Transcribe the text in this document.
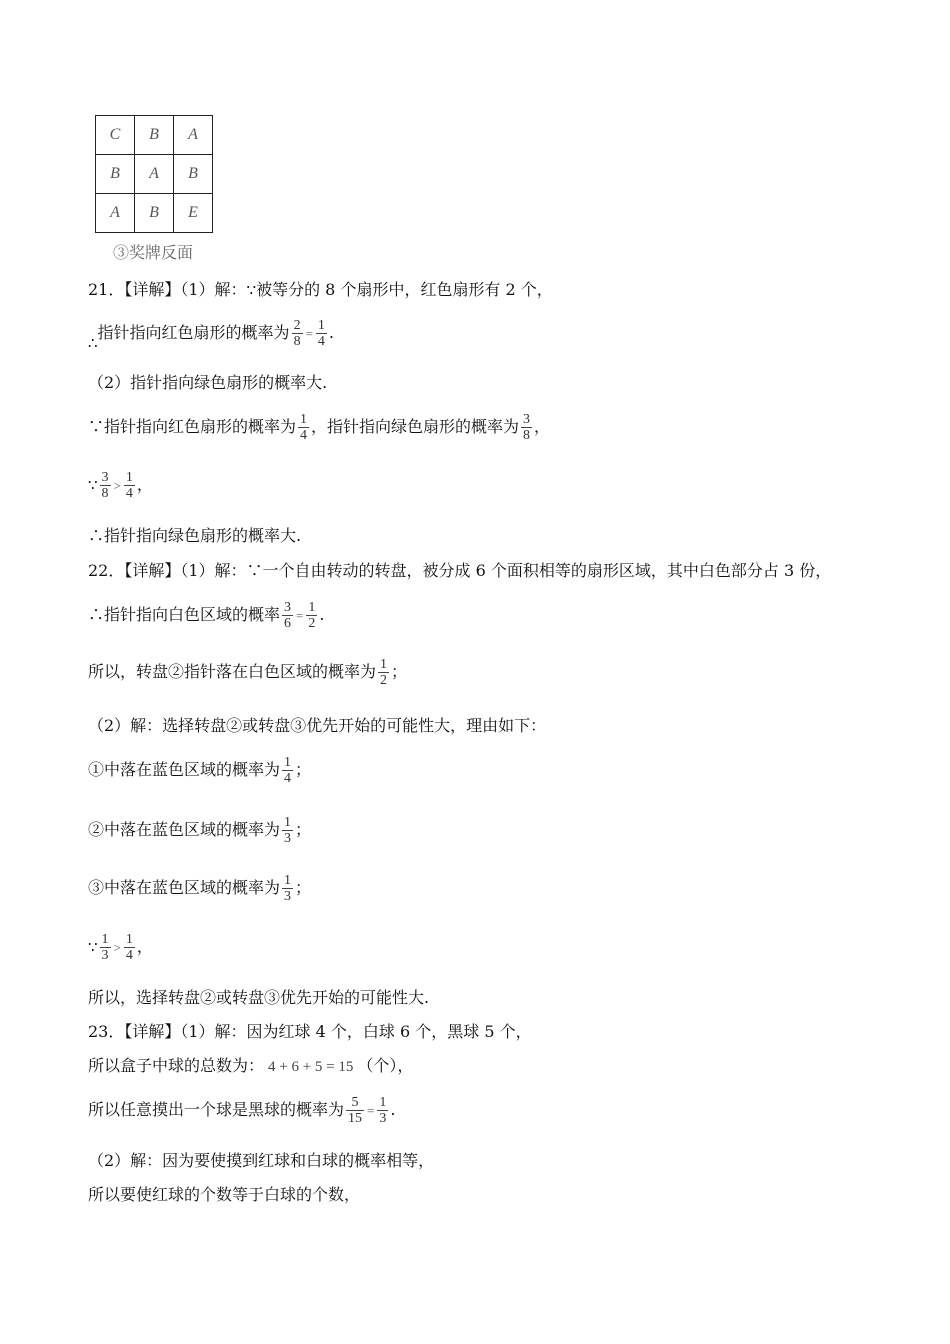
C	B	A
B	A	B
A	B	E
③奖牌反面
21．【详解】（1）解：∵被等分的 8 个扇形中，红色扇形有 2 个，
∴指针指向红色扇形的概率为 $\frac{2}{8} = \frac{1}{4}$ .
（2）指针指向绿色扇形的概率大.
∵指针指向红色扇形的概率为 $\frac{1}{4}$ ，指针指向绿色扇形的概率为 $\frac{3}{8}$ ，
∵ $\frac{3}{8} > \frac{1}{4}$ ，
∴指针指向绿色扇形的概率大.
22．【详解】（1）解：∵一个自由转动的转盘，被分成 6 个面积相等的扇形区域，其中白色部分占 3 份，
∴指针指向白色区域的概率 $\frac{3}{6} = \frac{1}{2}$ .
所以，转盘②指针落在白色区域的概率为 $\frac{1}{2}$ ；
（2）解：选择转盘②或转盘③优先开始的可能性大，理由如下：
①中落在蓝色区域的概率为 $\frac{1}{4}$ ；
②中落在蓝色区域的概率为 $\frac{1}{3}$ ；
③中落在蓝色区域的概率为 $\frac{1}{3}$ ；
∵ $\frac{1}{3} > \frac{1}{4}$ ，
所以，选择转盘②或转盘③优先开始的可能性大.
23．【详解】（1）解：因为红球 4 个，白球 6 个，黑球 5 个，
所以盒子中球的总数为： 4 + 6 + 5 = 15 （个），
所以任意摸出一个球是黑球的概率为 $\frac{5}{15} = \frac{1}{3}$ .
（2）解：因为要使摸到红球和白球的概率相等，
所以要使红球的个数等于白球的个数，
